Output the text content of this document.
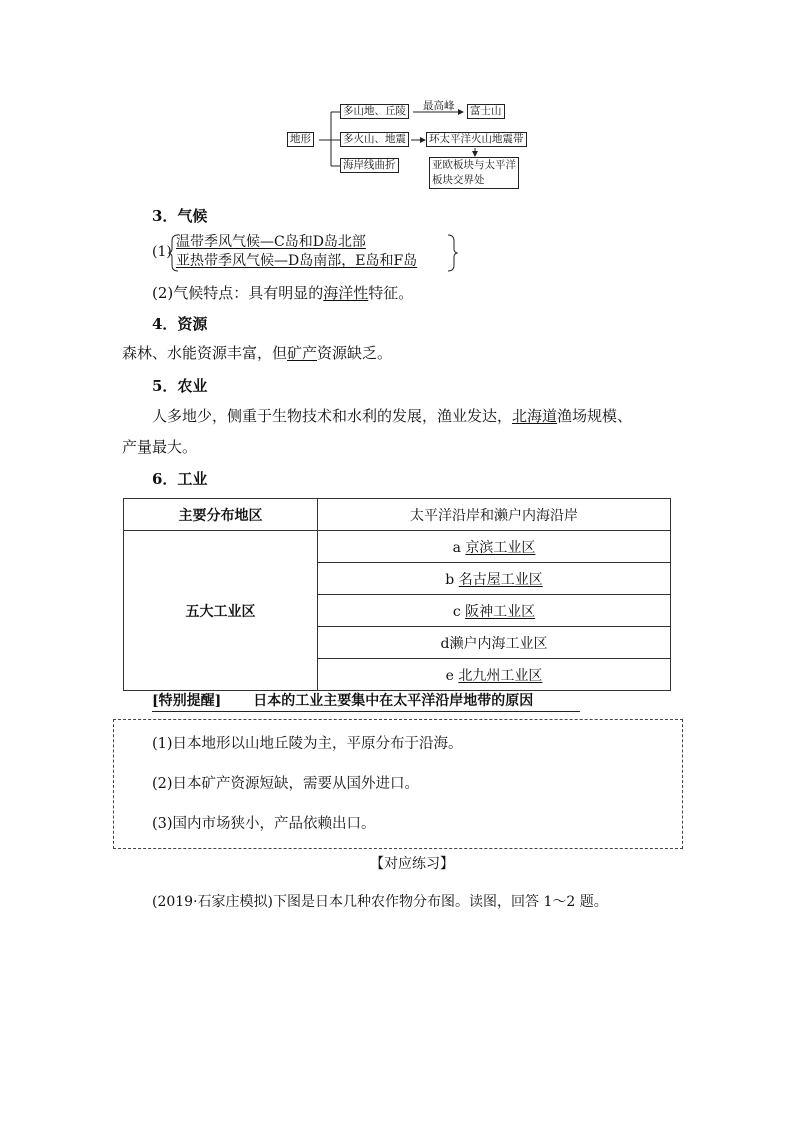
地形
多山地、丘陵
多火山、地震
海岸线曲折
最高峰 富士山
环太平洋火山地震带
亚欧板块与太平洋
板块交界处
3．气候
(1)
温带季风气候—C岛和D岛北部
亚热带季风气候—D岛南部，E岛和F岛
(2)气候特点：具有明显的海洋性特征。
4．资源
森林、水能资源丰富，但矿产资源缺乏。
5．农业
人多地少，侧重于生物技术和水利的发展，渔业发达，北海道渔场规模、
产量最大。
6．工业
主要分布地区	太平洋沿岸和濑户内海沿岸
五大工业区	a 京滨工业区
	b 名古屋工业区
	c 阪神工业区
	d濑户内海工业区
	e 北九州工业区
[特别提醒] 日本的工业主要集中在太平洋沿岸地带的原因
(1)日本地形以山地丘陵为主，平原分布于沿海。
(2)日本矿产资源短缺，需要从国外进口。
(3)国内市场狭小，产品依赖出口。
【对应练习】
(2019·石家庄模拟)下图是日本几种农作物分布图。读图，回答 1～2 题。
